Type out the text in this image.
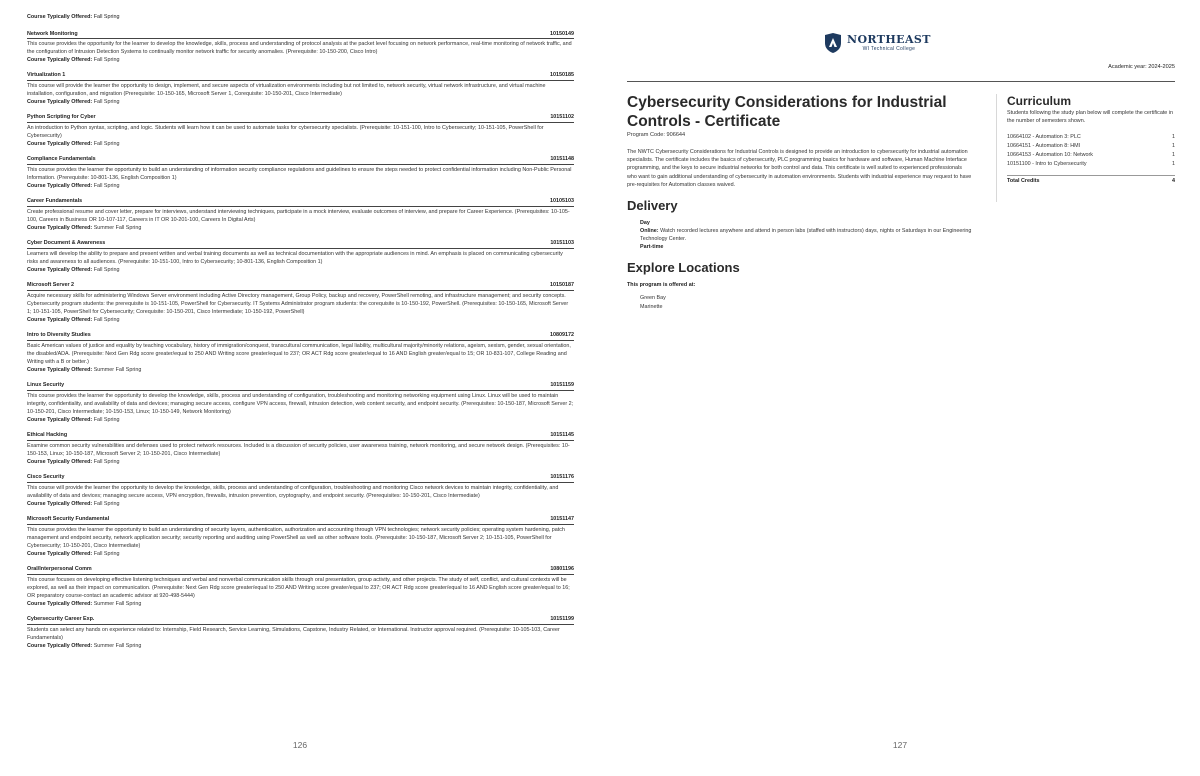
Course Typically Offered: Fall Spring
Network Monitoring	10150149
This course provides the opportunity for the learner to develop the knowledge, skills, process and understanding of protocol analysis at the packet level focusing on network performance, real-time monitoring of network traffic, and the configuration of Intrusion Detection Systems to continually monitor network traffic for security anomalies. (Prerequisite: 10-150-200, Cisco Intro)
Course Typically Offered: Fall Spring
Virtualization 1	10150185
This course will provide the learner the opportunity to design, implement, and secure aspects of virtualization environments including but not limited to, network security, virtual network infrastructure, and virtual machine installation, configuration, and migration (Prerequisite: 10-150-165, Microsoft Server 1, Corequisite: 10-150-201, Cisco Intermediate)
Course Typically Offered: Fall Spring
Python Scripting for Cyber	10151102
An introduction to Python syntax, scripting, and logic. Students will learn how it can be used to automate tasks for cybersecurity specialists. (Prerequisite: 10-151-100, Intro to Cybersecurity; 10-151-105, PowerShell for Cybersecurity)
Course Typically Offered: Fall Spring
Compliance Fundamentals	10151148
This course provides the learner the opportunity to build an understanding of information security compliance regulations and guidelines to ensure the steps needed to protect confidential information including Non-Public Personal Information. (Prerequisite: 10-801-136, English Composition 1)
Course Typically Offered: Fall Spring
Career Fundamentals	10105103
Create professional resume and cover letter, prepare for interviews, understand interviewing techniques, participate in a mock interview, evaluate outcomes of interview, and prepare for Career Experience. (Prerequisites: 10-105-100, Careers in Business OR 10-107-117, Careers in IT OR 10-201-100, Careers In Digital Arts)
Course Typically Offered: Summer Fall Spring
Cyber Document & Awareness	10151103
Learners will develop the ability to prepare and present written and verbal training documents as well as technical documentation with the appropriate audiences in mind. An emphasis is placed on communicating cybersecurity risks and awareness to all audiences. (Prerequisite: 10-151-100, Intro to Cybersecurity; 10-801-136, English Composition 1)
Course Typically Offered: Fall Spring
Microsoft Server 2	10150187
Acquire necessary skills for administering Windows Server environment including Active Directory management, Group Policy, backup and recovery, PowerShell remoting, and infrastructure management; and security concepts. Cybersecurity program students: the prerequisite is 10-151-105, PowerShell for Cybersecurity. IT Systems Administrator program students: the corequisite is 10-150-192, PowerShell. (Prerequisites: 10-150-165, Microsoft Server 1; 10-151-105, PowerShell for Cybersecurity; Corequisite: 10-150-201, Cisco Intermediate; 10-150-192, PowerShell)
Course Typically Offered: Fall Spring
Intro to Diversity Studies	10809172
Basic American values of justice and equality by teaching vocabulary, history of immigration/conquest, transcultural communication, legal liability, multicultural majority/minority relations, ageism, sexism, gender, sexual orientation, the disabled/ADA. (Prerequisite: Next Gen Rdg score greater/equal to 250 AND Writing score greater/equal to 237; OR ACT Rdg score greater/equal to 16 AND English greater/equal to 15; OR 10-831-107, College Reading and Writing with a B or better.)
Course Typically Offered: Summer Fall Spring
Linux Security	10151159
This course provides the learner the opportunity to develop the knowledge, skills, process and understanding of configuration, troubleshooting and monitoring networking equipment using Linux. Linux will be used to maintain integrity, confidentiality, and availability of data and devices; managing secure access, configure VPN access, firewall, intrusion detection, web content security, and endpoint security. (Prerequisites: 10-150-187, Microsoft Server 2; 10-150-201, Cisco Intermediate; 10-150-153, Linux; 10-150-149, Network Monitoring)
Course Typically Offered: Fall Spring
Ethical Hacking	10151145
Examine common security vulnerabilities and defenses used to protect network resources. Included is a discussion of security policies, user awareness training, network monitoring, and secure network design. (Prerequisites: 10-150-153, Linux; 10-150-187, Microsoft Server 2; 10-150-201, Cisco Intermediate)
Course Typically Offered: Fall Spring
Cisco Security	10151176
This course will provide the learner the opportunity to develop the knowledge, skills, process and understanding of configuration, troubleshooting and monitoring Cisco network devices to maintain integrity, confidentiality, and availability of data and devices; managing secure access, VPN encryption, firewalls, intrusion prevention, cryptography, and endpoint security. (Prerequisites: 10-150-201, Cisco Intermediate)
Course Typically Offered: Fall Spring
Microsoft Security Fundamental	10151147
This course provides the learner the opportunity to build an understanding of security layers, authentication, authorization and accounting through VPN technologies; network security policies; operating system hardening, patch management and endpoint security, network application security; security reporting and auditing using PowerShell as well as other software tools. (Prerequisite: 10-150-187, Microsoft Server 2; 10-151-105, PowerShell for Cybersecurity; 10-150-201, Cisco Intermediate)
Course Typically Offered: Fall Spring
Oral/Interpersonal Comm	10801196
This course focuses on developing effective listening techniques and verbal and nonverbal communication skills through oral presentation, group activity, and other projects. The study of self, conflict, and cultural contexts will be explored, as well as their impact on communication. (Prerequisite: Next Gen Rdg score greater/equal to 250 AND Writing score greater/equal to 237; OR ACT Rdg score greater/equal to 16 AND English score greater/equal to 16; OR preparatory course-contact an academic advisor at 920-498-5444)
Course Typically Offered: Summer Fall Spring
Cybersecurity Career Exp.	10151199
Students can select any hands on experience related to: Internship, Field Research, Service Learning, Simulations, Capstone, Industry Related, or International. Instructor approval required. (Prerequisite: 10-105-103, Career Fundamentals)
Course Typically Offered: Summer Fall Spring
126
NORTHEAST
WI Technical College
Academic year: 2024-2025
Cybersecurity Considerations for Industrial Controls - Certificate
Program Code: 906644
The NWTC Cybersecurity Considerations for Industrial Controls is designed to provide an introduction to cybersecurity for industrial automation specialists. The certificate includes the basics of cybersecurity, PLC programming basics for hardware and software, Human Machine Interface programming, and the keys to secure industrial networks for both control and data. This certificate is well suited to experienced professionals who want to gain additional understanding of cybersecurity in automation environments. Students with industrial experience may request to have pre-requisites for Automation classes waived.
Delivery
Day
Online: Watch recorded lectures anywhere and attend in person labs (staffed with instructors) days, nights or Saturdays in our Engineering Technology Center.
Part-time
Explore Locations
This program is offered at:
Green Bay
Marinette
Curriculum
Students following the study plan below will complete the certificate in the number of semesters shown.
10664102 - Automation 3: PLC	1
10664151 - Automation 8: HMI	1
10664153 - Automation 10: Network	1
10151100 - Intro to Cybersecurity	1
Total Credits	4
127
